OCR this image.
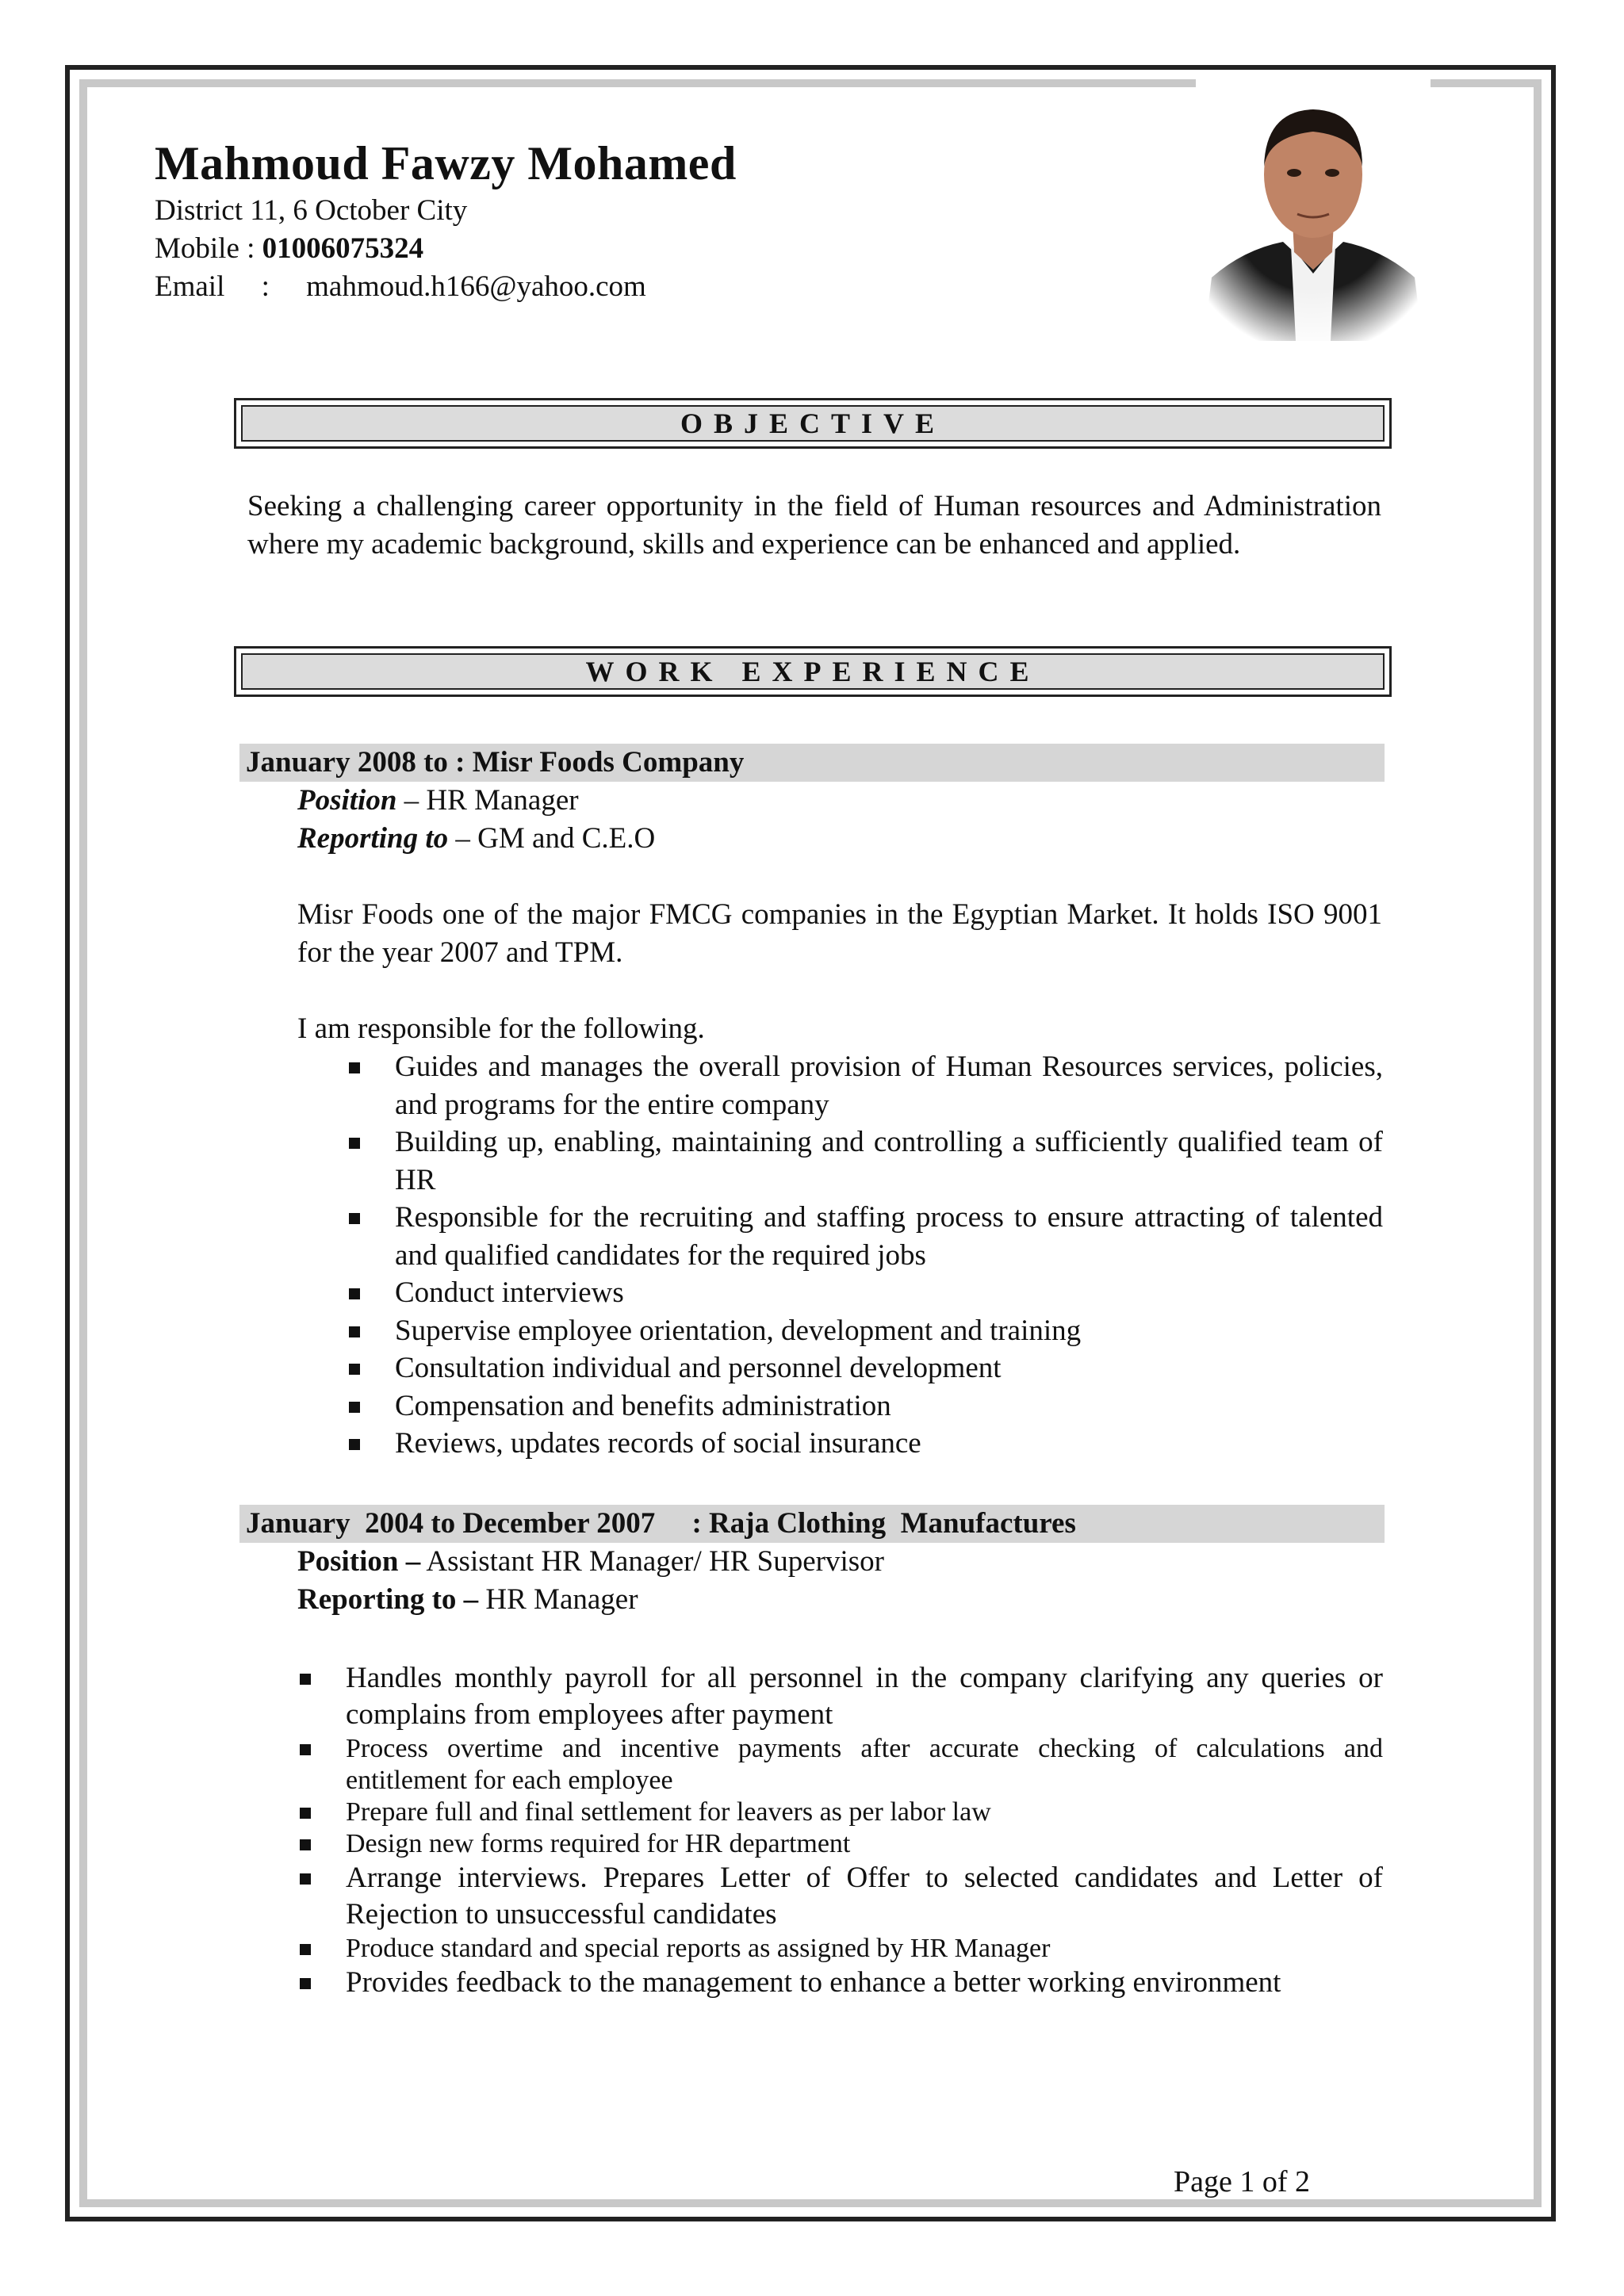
Mahmoud Fawzy Mohamed
District 11, 6 October City
Mobile : 01006075324
Email     :     mahmoud.h166@yahoo.com
OBJECTIVE
Seeking a challenging career opportunity in the field of Human resources and Administration where my academic background, skills and experience can be enhanced and applied.
WORK EXPERIENCE
January 2008 to : Misr Foods Company
Position – HR Manager
Reporting to – GM and C.E.O
Misr Foods one of the major FMCG companies in the Egyptian Market. It holds ISO 9001 for the year 2007 and TPM.
I am responsible for the following.
Guides and manages the overall provision of Human Resources services, policies, and programs for the entire company
Building up, enabling, maintaining and controlling a sufficiently qualified team of HR
Responsible for the recruiting and staffing process to ensure attracting of talented and qualified candidates for the required jobs
Conduct interviews
Supervise employee orientation, development and training
Consultation individual and personnel development
Compensation and benefits administration
Reviews, updates records of social insurance
January  2004 to December 2007     : Raja Clothing  Manufactures
Position – Assistant HR Manager/ HR Supervisor
Reporting to – HR Manager
Handles monthly payroll for all personnel in the company clarifying any queries or complains from employees after payment
Process overtime and incentive payments after accurate checking of calculations and entitlement for each employee
Prepare full and final settlement for leavers as per labor law
Design new forms required for HR department
Arrange interviews. Prepares Letter of Offer to selected candidates and Letter of Rejection to unsuccessful candidates
Produce standard and special reports as assigned by HR Manager
Provides feedback to the management to enhance a better working environment
Page 1 of 2
